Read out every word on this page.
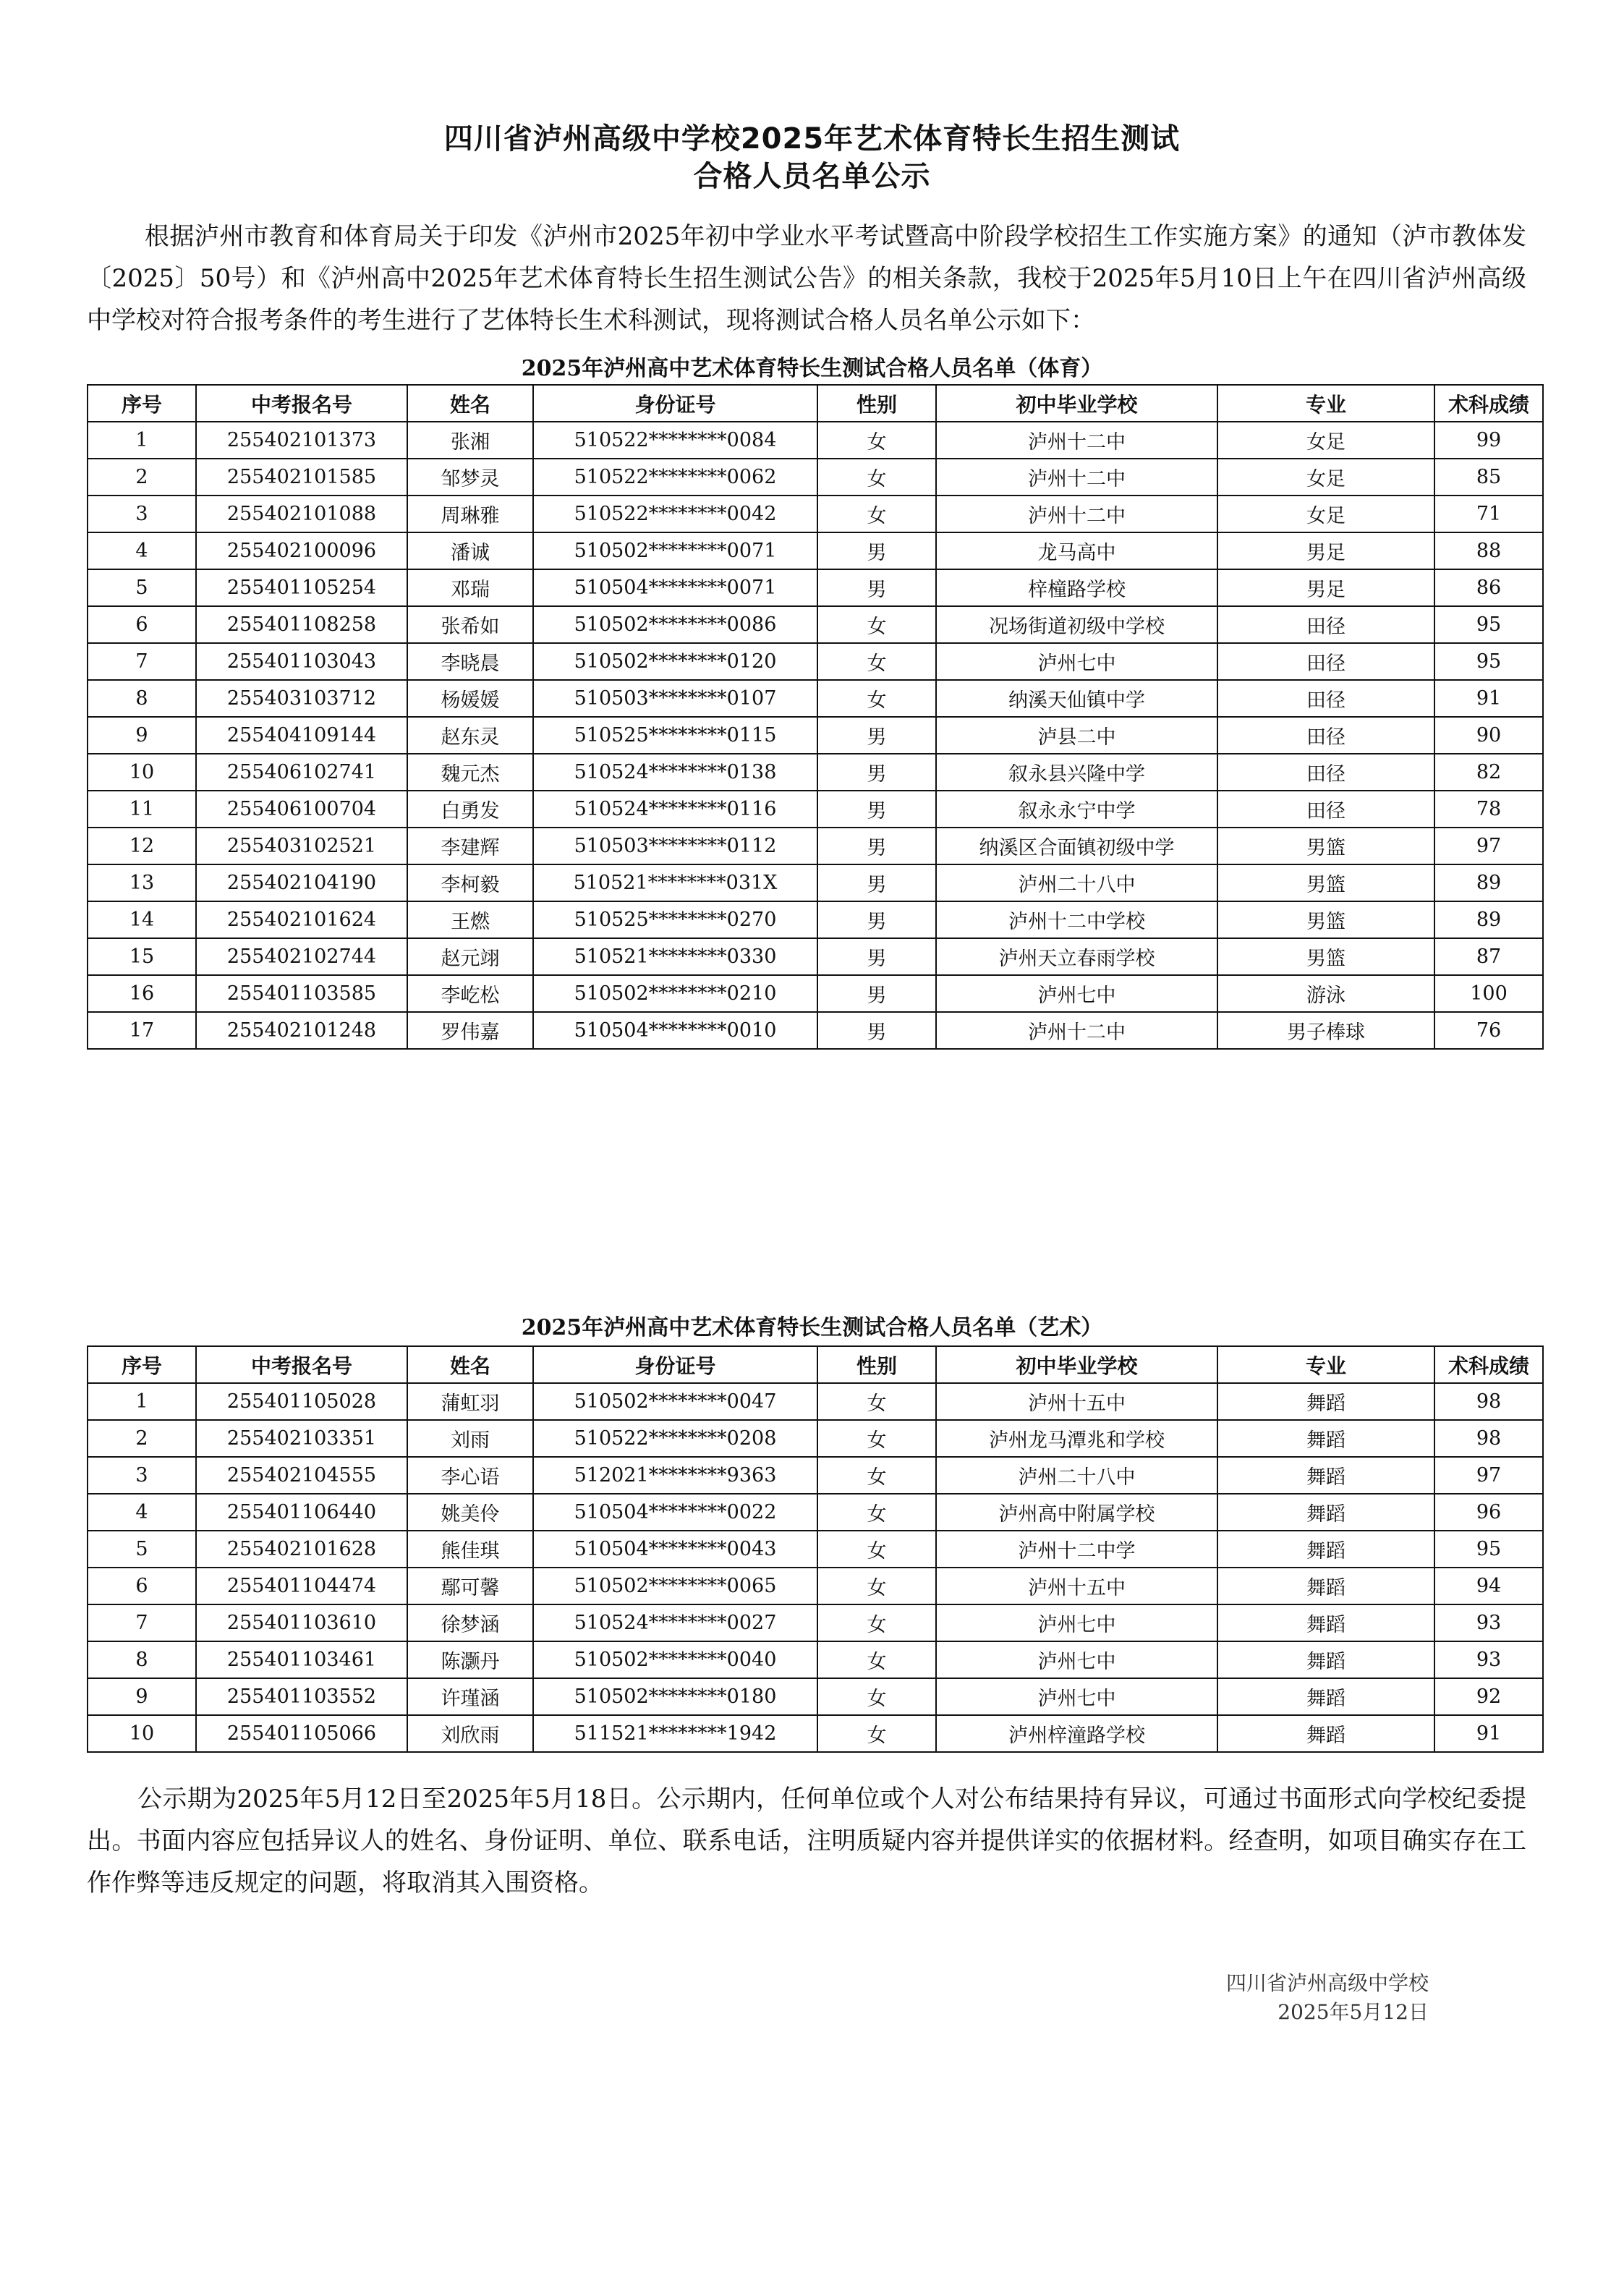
四川省泸州高级中学校2025年艺术体育特长生招生测试
合格人员名单公示
根据泸州市教育和体育局关于印发《泸州市2025年初中学业水平考试暨高中阶段学校招生工作实施方案》的通知（泸市教体发〔2025〕50号）和《泸州高中2025年艺术体育特长生招生测试公告》的相关条款，我校于2025年5月10日上午在四川省泸州高级中学校对符合报考条件的考生进行了艺体特长生术科测试，现将测试合格人员名单公示如下：
2025年泸州高中艺术体育特长生测试合格人员名单（体育）
序号	中考报名号	姓名	身份证号	性别	初中毕业学校	专业	术科成绩
1	255402101373	张湘	510522********0084	女	泸州十二中	女足	99
2	255402101585	邹梦灵	510522********0062	女	泸州十二中	女足	85
3	255402101088	周琳雅	510522********0042	女	泸州十二中	女足	71
4	255402100096	潘诚	510502********0071	男	龙马高中	男足	88
5	255401105254	邓瑞	510504********0071	男	梓橦路学校	男足	86
6	255401108258	张希如	510502********0086	女	况场街道初级中学校	田径	95
7	255401103043	李晓晨	510502********0120	女	泸州七中	田径	95
8	255403103712	杨媛媛	510503********0107	女	纳溪天仙镇中学	田径	91
9	255404109144	赵东灵	510525********0115	男	泸县二中	田径	90
10	255406102741	魏元杰	510524********0138	男	叙永县兴隆中学	田径	82
11	255406100704	白勇发	510524********0116	男	叙永永宁中学	田径	78
12	255403102521	李建辉	510503********0112	男	纳溪区合面镇初级中学	男篮	97
13	255402104190	李柯毅	510521********031X	男	泸州二十八中	男篮	89
14	255402101624	王燃	510525********0270	男	泸州十二中学校	男篮	89
15	255402102744	赵元翊	510521********0330	男	泸州天立春雨学校	男篮	87
16	255401103585	李屹松	510502********0210	男	泸州七中	游泳	100
17	255402101248	罗伟嘉	510504********0010	男	泸州十二中	男子棒球	76
2025年泸州高中艺术体育特长生测试合格人员名单（艺术）
序号	中考报名号	姓名	身份证号	性别	初中毕业学校	专业	术科成绩
1	255401105028	蒲虹羽	510502********0047	女	泸州十五中	舞蹈	98
2	255402103351	刘雨	510522********0208	女	泸州龙马潭兆和学校	舞蹈	98
3	255402104555	李心语	512021********9363	女	泸州二十八中	舞蹈	97
4	255401106440	姚美伶	510504********0022	女	泸州高中附属学校	舞蹈	96
5	255402101628	熊佳琪	510504********0043	女	泸州十二中学	舞蹈	95
6	255401104474	鄢可馨	510502********0065	女	泸州十五中	舞蹈	94
7	255401103610	徐梦涵	510524********0027	女	泸州七中	舞蹈	93
8	255401103461	陈灏丹	510502********0040	女	泸州七中	舞蹈	93
9	255401103552	许瑾涵	510502********0180	女	泸州七中	舞蹈	92
10	255401105066	刘欣雨	511521********1942	女	泸州梓潼路学校	舞蹈	91
公示期为2025年5月12日至2025年5月18日。公示期内，任何单位或个人对公布结果持有异议，可通过书面形式向学校纪委提出。书面内容应包括异议人的姓名、身份证明、单位、联系电话，注明质疑内容并提供详实的依据材料。经查明，如项目确实存在工作作弊等违反规定的问题，将取消其入围资格。
四川省泸州高级中学校
2025年5月12日
